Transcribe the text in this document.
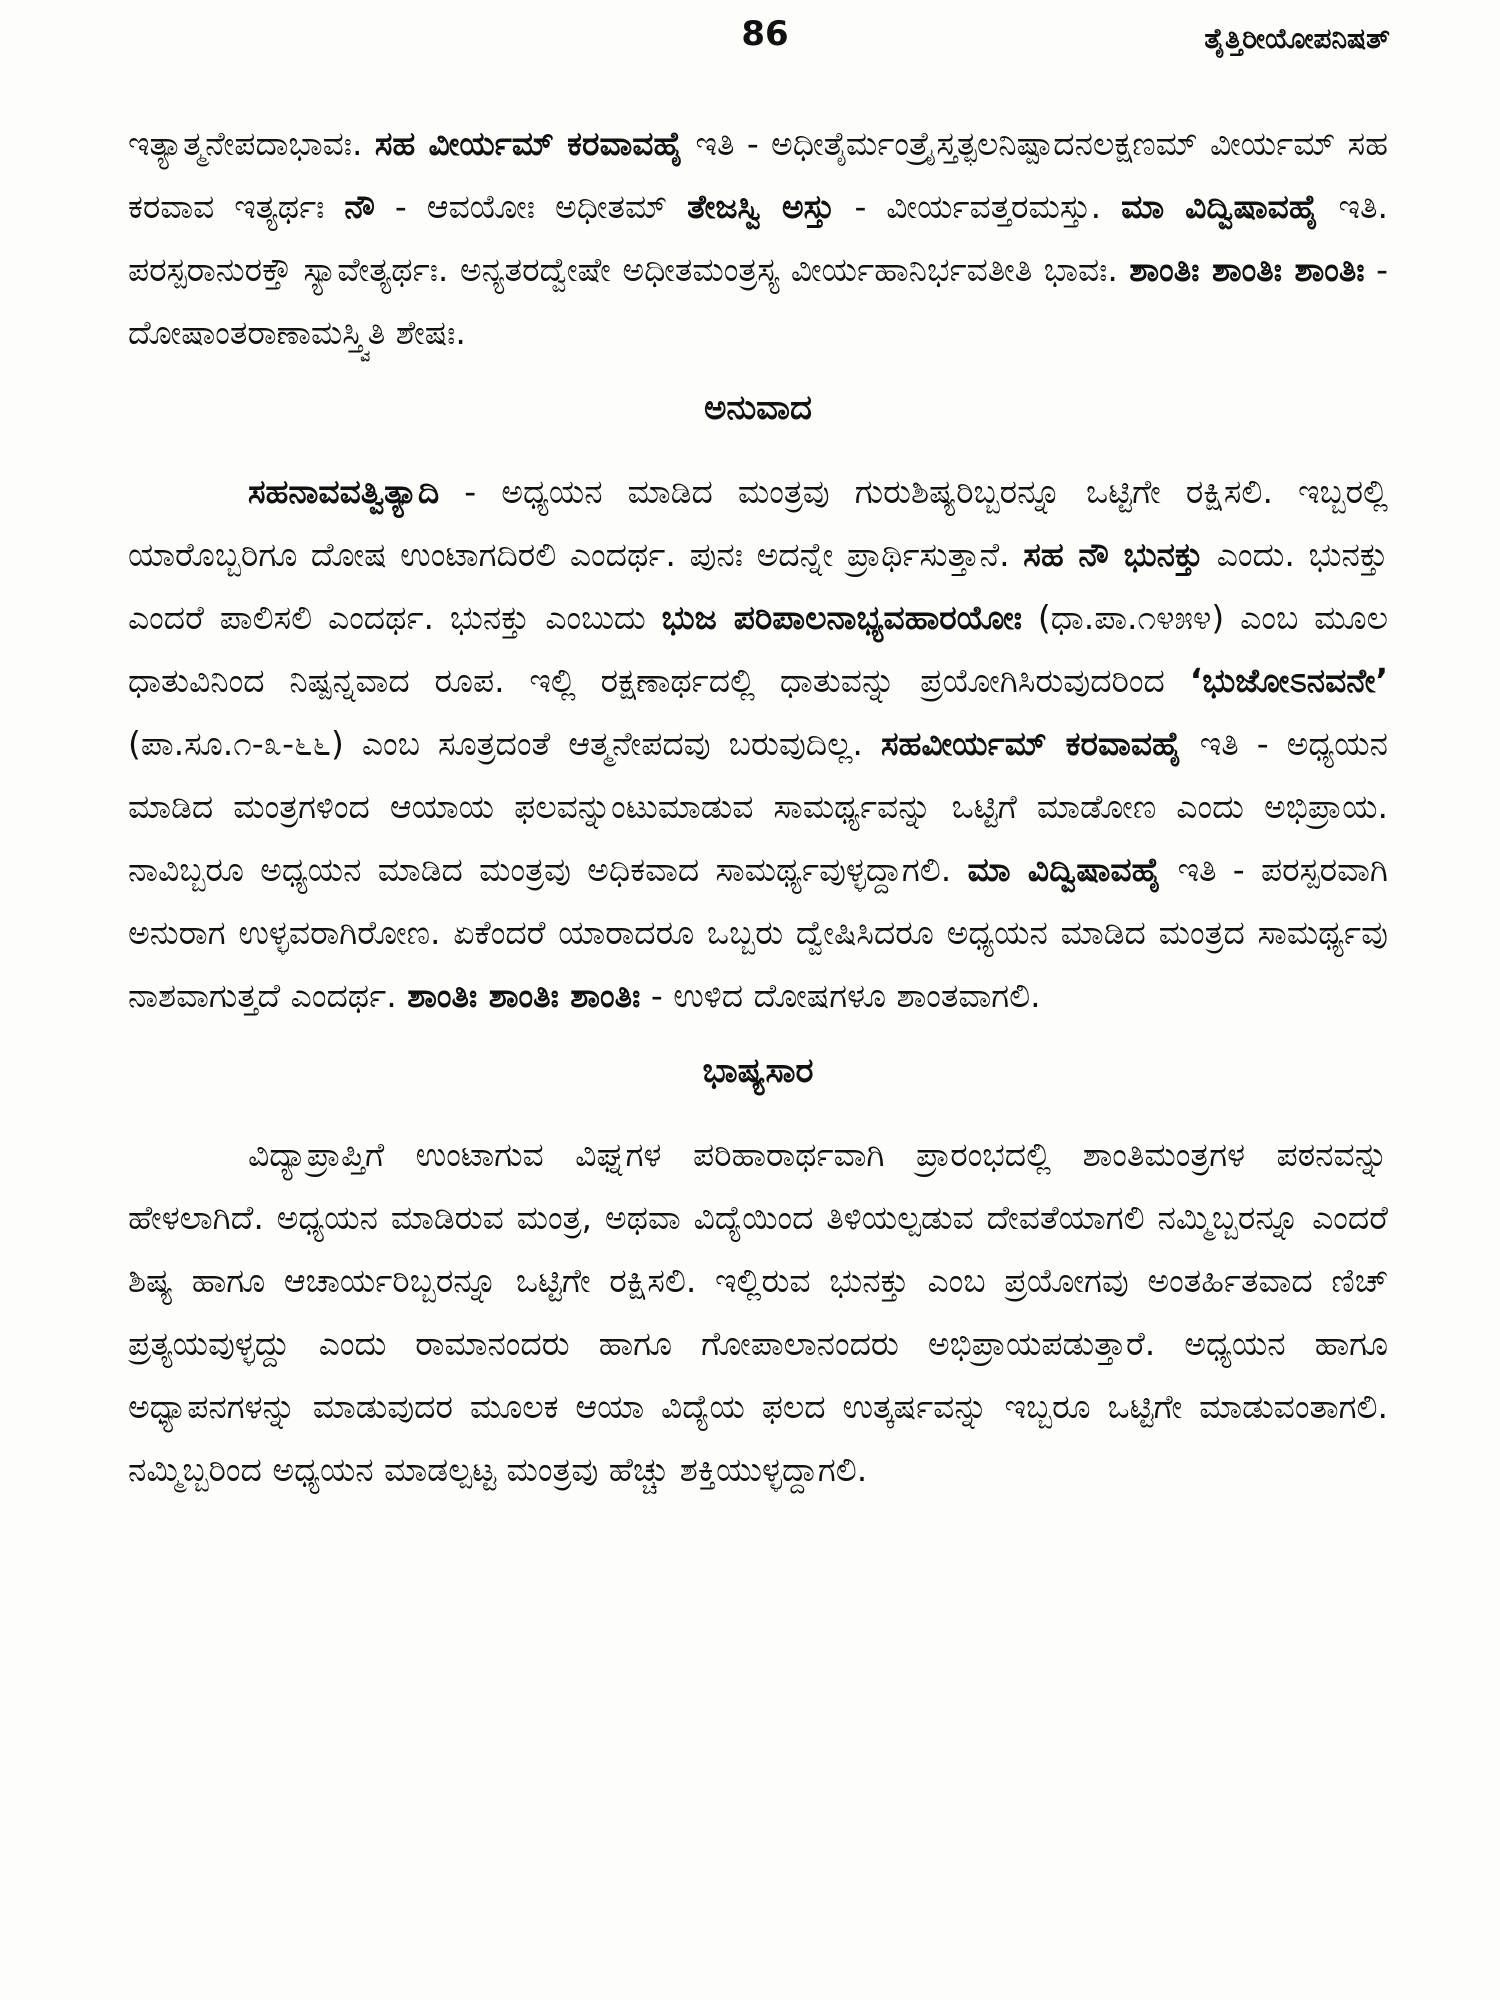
86	ತೈತ್ತಿರೀಯೋಪನಿಷತ್

ಇತ್ಯಾತ್ಮನೇಪದಾಭಾವಃ. ಸಹ ವೀರ್ಯಮ್ ಕರವಾವಹೈ ಇತಿ - ಅಧೀತೈರ್ಮಂತ್ರೈಸ್ತತ್ಫಲನಿಷ್ಪಾದನಲಕ್ಷಣಮ್ ವೀರ್ಯಮ್ ಸಹ ಕರವಾವ ಇತ್ಯರ್ಥಃ ನೌ - ಆವಯೋಃ ಅಧೀತಮ್ ತೇಜಸ್ವಿ ಅಸ್ತು - ವೀರ್ಯವತ್ತರಮಸ್ತು. ಮಾ ವಿದ್ವಿಷಾವಹೈ ಇತಿ. ಪರಸ್ಪರಾನುರಕ್ತೌ ಸ್ಯಾವೇತ್ಯರ್ಥಃ. ಅನ್ಯತರದ್ವೇಷೇ ಅಧೀತಮಂತ್ರಸ್ಯ ವೀರ್ಯಹಾನಿರ್ಭವತೀತಿ ಭಾವಃ. ಶಾಂತಿಃ ಶಾಂತಿಃ ಶಾಂತಿಃ - ದೋಷಾಂತರಾಣಾಮಸ್ತ್ವಿತಿ ಶೇಷಃ.

ಅನುವಾದ

ಸಹನಾವವತ್ವಿತ್ಯಾದಿ - ಅಧ್ಯಯನ ಮಾಡಿದ ಮಂತ್ರವು ಗುರುಶಿಷ್ಯರಿಬ್ಬರನ್ನೂ ಒಟ್ಟಿಗೇ ರಕ್ಷಿಸಲಿ. ಇಬ್ಬರಲ್ಲಿ ಯಾರೊಬ್ಬರಿಗೂ ದೋಷ ಉಂಟಾಗದಿರಲಿ ಎಂದರ್ಥ. ಪುನಃ ಅದನ್ನೇ ಪ್ರಾರ್ಥಿಸುತ್ತಾನೆ. ಸಹ ನೌ ಭುನಕ್ತು ಎಂದು. ಭುನಕ್ತು ಎಂದರೆ ಪಾಲಿಸಲಿ ಎಂದರ್ಥ. ಭುನಕ್ತು ಎಂಬುದು ಭುಜ ಪರಿಪಾಲನಾಭ್ಯವಹಾರಯೋಃ (ಧಾ.ಪಾ.೧೪೫೪) ಎಂಬ ಮೂಲ ಧಾತುವಿನಿಂದ ನಿಷ್ಪನ್ನವಾದ ರೂಪ. ಇಲ್ಲಿ ರಕ್ಷಣಾರ್ಥದಲ್ಲಿ ಧಾತುವನ್ನು ಪ್ರಯೋಗಿಸಿರುವುದರಿಂದ ‘ಭುಜೋಽನವನೇ’ (ಪಾ.ಸೂ.೧-೩-೬೬) ಎಂಬ ಸೂತ್ರದಂತೆ ಆತ್ಮನೇಪದವು ಬರುವುದಿಲ್ಲ. ಸಹವೀರ್ಯಮ್ ಕರವಾವಹೈ ಇತಿ - ಅಧ್ಯಯನ ಮಾಡಿದ ಮಂತ್ರಗಳಿಂದ ಆಯಾಯ ಫಲವನ್ನುಂಟುಮಾಡುವ ಸಾಮರ್ಥ್ಯವನ್ನು ಒಟ್ಟಿಗೆ ಮಾಡೋಣ ಎಂದು ಅಭಿಪ್ರಾಯ. ನಾವಿಬ್ಬರೂ ಅಧ್ಯಯನ ಮಾಡಿದ ಮಂತ್ರವು ಅಧಿಕವಾದ ಸಾಮರ್ಥ್ಯವುಳ್ಳದ್ದಾಗಲಿ. ಮಾ ವಿದ್ವಿಷಾವಹೈ ಇತಿ - ಪರಸ್ಪರವಾಗಿ ಅನುರಾಗ ಉಳ್ಳವರಾಗಿರೋಣ. ಏಕೆಂದರೆ ಯಾರಾದರೂ ಒಬ್ಬರು ದ್ವೇಷಿಸಿದರೂ ಅಧ್ಯಯನ ಮಾಡಿದ ಮಂತ್ರದ ಸಾಮರ್ಥ್ಯವು ನಾಶವಾಗುತ್ತದೆ ಎಂದರ್ಥ. ಶಾಂತಿಃ ಶಾಂತಿಃ ಶಾಂತಿಃ - ಉಳಿದ ದೋಷಗಳೂ ಶಾಂತವಾಗಲಿ.

ಭಾಷ್ಯಸಾರ

ವಿದ್ಯಾಪ್ರಾಪ್ತಿಗೆ ಉಂಟಾಗುವ ವಿಘ್ನಗಳ ಪರಿಹಾರಾರ್ಥವಾಗಿ ಪ್ರಾರಂಭದಲ್ಲಿ ಶಾಂತಿಮಂತ್ರಗಳ ಪಠನವನ್ನು ಹೇಳಲಾಗಿದೆ. ಅಧ್ಯಯನ ಮಾಡಿರುವ ಮಂತ್ರ, ಅಥವಾ ವಿದ್ಯೆಯಿಂದ ತಿಳಿಯಲ್ಪಡುವ ದೇವತೆಯಾಗಲಿ ನಮ್ಮಿಬ್ಬರನ್ನೂ ಎಂದರೆ ಶಿಷ್ಯ ಹಾಗೂ ಆಚಾರ್ಯರಿಬ್ಬರನ್ನೂ ಒಟ್ಟಿಗೇ ರಕ್ಷಿಸಲಿ. ಇಲ್ಲಿರುವ ಭುನಕ್ತು ಎಂಬ ಪ್ರಯೋಗವು ಅಂತರ್ಹಿತವಾದ ಣಿಚ್ ಪ್ರತ್ಯಯವುಳ್ಳದ್ದು ಎಂದು ರಾಮಾನಂದರು ಹಾಗೂ ಗೋಪಾಲಾನಂದರು ಅಭಿಪ್ರಾಯಪಡುತ್ತಾರೆ. ಅಧ್ಯಯನ ಹಾಗೂ ಅಧ್ಯಾಪನಗಳನ್ನು ಮಾಡುವುದರ ಮೂಲಕ ಆಯಾ ವಿದ್ಯೆಯ ಫಲದ ಉತ್ಕರ್ಷವನ್ನು ಇಬ್ಬರೂ ಒಟ್ಟಿಗೇ ಮಾಡುವಂತಾಗಲಿ. ನಮ್ಮಿಬ್ಬರಿಂದ ಅಧ್ಯಯನ ಮಾಡಲ್ಪಟ್ಟ ಮಂತ್ರವು ಹೆಚ್ಚು ಶಕ್ತಿಯುಳ್ಳದ್ದಾಗಲಿ.
